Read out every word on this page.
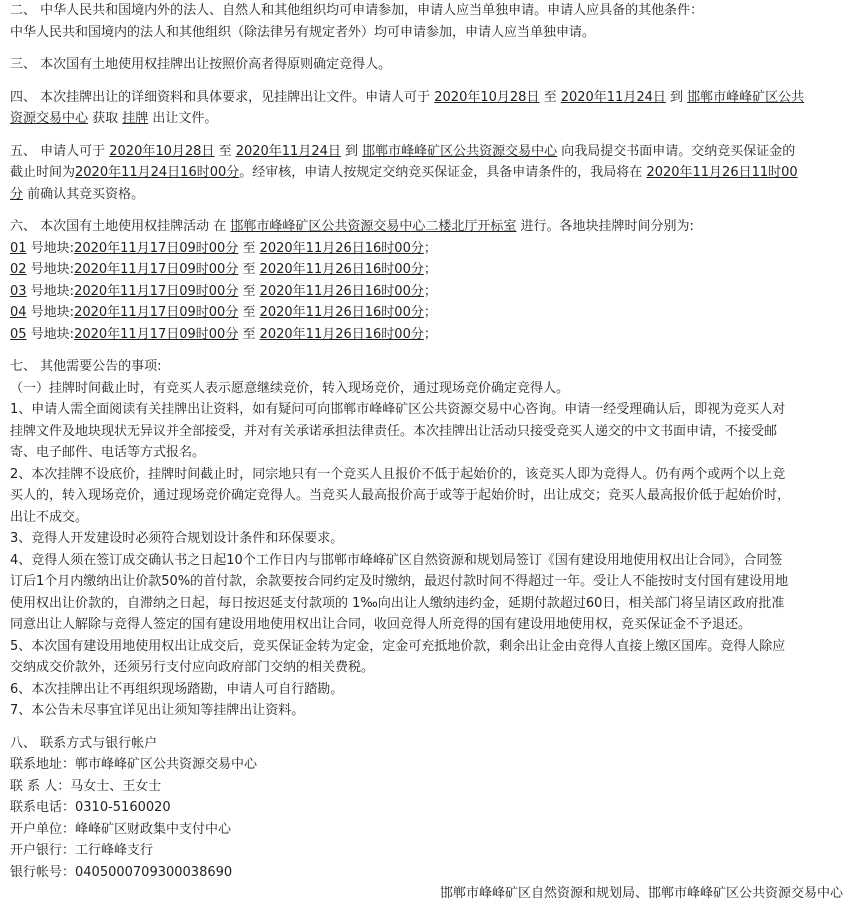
二、 中华人民共和国境内外的法人、自然人和其他组织均可申请参加，申请人应当单独申请。申请人应具备的其他条件：

中华人民共和国境内的法人和其他组织（除法律另有规定者外）均可申请参加，申请人应当单独申请。

三、 本次国有土地使用权挂牌出让按照价高者得原则确定竞得人。

四、 本次挂牌出让的详细资料和具体要求，见挂牌出让文件。申请人可于 2020年10月28日 至 2020年11月24日 到 邯郸市峰峰矿区公共
资源交易中心 获取 挂牌 出让文件。

五、 申请人可于 2020年10月28日 至 2020年11月24日 到 邯郸市峰峰矿区公共资源交易中心 向我局提交书面申请。交纳竞买保证金的
截止时间为2020年11月24日16时00分。经审核，申请人按规定交纳竞买保证金，具备申请条件的，我局将在 2020年11月26日11时00
分 前确认其竞买资格。

六、 本次国有土地使用权挂牌活动 在 邯郸市峰峰矿区公共资源交易中心二楼北厅开标室 进行。各地块挂牌时间分别为:

01 号地块:2020年11月17日09时00分 至 2020年11月26日16时00分；

02 号地块:2020年11月17日09时00分 至 2020年11月26日16时00分；

03 号地块:2020年11月17日09时00分 至 2020年11月26日16时00分；

04 号地块:2020年11月17日09时00分 至 2020年11月26日16时00分；

05 号地块:2020年11月17日09时00分 至 2020年11月26日16时00分；

七、 其他需要公告的事项:

（一）挂牌时间截止时，有竞买人表示愿意继续竞价，转入现场竞价，通过现场竞价确定竞得人。

1、申请人需全面阅读有关挂牌出让资料，如有疑问可向邯郸市峰峰矿区公共资源交易中心咨询。申请一经受理确认后，即视为竞买人对

挂牌文件及地块现状无异议并全部接受，并对有关承诺承担法律责任。本次挂牌出让活动只接受竞买人递交的中文书面申请，不接受邮

寄、电子邮件、电话等方式报名。

2、本次挂牌不设底价，挂牌时间截止时，同宗地只有一个竞买人且报价不低于起始价的，该竞买人即为竞得人。仍有两个或两个以上竞

买人的，转入现场竞价，通过现场竞价确定竞得人。当竞买人最高报价高于或等于起始价时，出让成交；竞买人最高报价低于起始价时，

出让不成交。

3、竞得人开发建设时必须符合规划设计条件和环保要求。

4、竞得人须在签订成交确认书之日起10个工作日内与邯郸市峰峰矿区自然资源和规划局签订《国有建设用地使用权出让合同》，合同签

订后1个月内缴纳出让价款50%的首付款，余款要按合同约定及时缴纳，最迟付款时间不得超过一年。受让人不能按时支付国有建设用地

使用权出让价款的，自滞纳之日起，每日按迟延支付款项的 1‰向出让人缴纳违约金，延期付款超过60日，相关部门将呈请区政府批准

同意出让人解除与竞得人签定的国有建设用地使用权出让合同，收回竞得人所竞得的国有建设用地使用权，竞买保证金不予退还。

5、本次国有建设用地使用权出让成交后，竞买保证金转为定金，定金可充抵地价款，剩余出让金由竞得人直接上缴区国库。竞得人除应

交纳成交价款外，还须另行支付应向政府部门交纳的相关费税。

6、本次挂牌出让不再组织现场踏勘，申请人可自行踏勘。

7、本公告未尽事宜详见出让须知等挂牌出让资料。

八、 联系方式与银行帐户

联系地址：郸市峰峰矿区公共资源交易中心

联 系 人：马女士、王女士

联系电话：0310-5160020

开户单位：峰峰矿区财政集中支付中心

开户银行：工行峰峰支行

银行帐号：0405000709300038690

邯郸市峰峰矿区自然资源和规划局、邯郸市峰峰矿区公共资源交易中心
